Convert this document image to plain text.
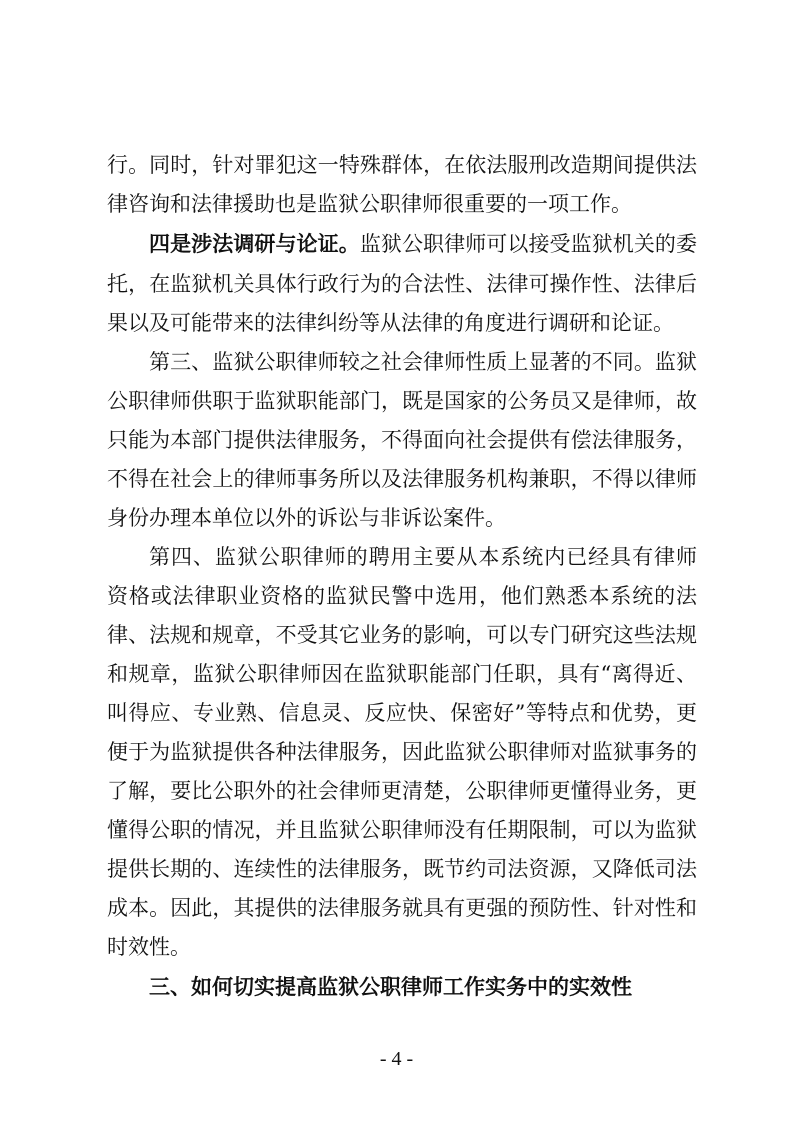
行。同时，针对罪犯这一特殊群体，在依法服刑改造期间提供法
律咨询和法律援助也是监狱公职律师很重要的一项工作。
四是涉法调研与论证。监狱公职律师可以接受监狱机关的委
托，在监狱机关具体行政行为的合法性、法律可操作性、法律后
果以及可能带来的法律纠纷等从法律的角度进行调研和论证。
第三、监狱公职律师较之社会律师性质上显著的不同。监狱
公职律师供职于监狱职能部门，既是国家的公务员又是律师，故
只能为本部门提供法律服务，不得面向社会提供有偿法律服务，
不得在社会上的律师事务所以及法律服务机构兼职，不得以律师
身份办理本单位以外的诉讼与非诉讼案件。
第四、监狱公职律师的聘用主要从本系统内已经具有律师
资格或法律职业资格的监狱民警中选用，他们熟悉本系统的法
律、法规和规章，不受其它业务的影响，可以专门研究这些法规
和规章，监狱公职律师因在监狱职能部门任职，具有“离得近、
叫得应、专业熟、信息灵、反应快、保密好”等特点和优势，更
便于为监狱提供各种法律服务，因此监狱公职律师对监狱事务的
了解，要比公职外的社会律师更清楚，公职律师更懂得业务，更
懂得公职的情况，并且监狱公职律师没有任期限制，可以为监狱
提供长期的、连续性的法律服务，既节约司法资源，又降低司法
成本。因此，其提供的法律服务就具有更强的预防性、针对性和
时效性。
三、如何切实提高监狱公职律师工作实务中的实效性
- 4 -
